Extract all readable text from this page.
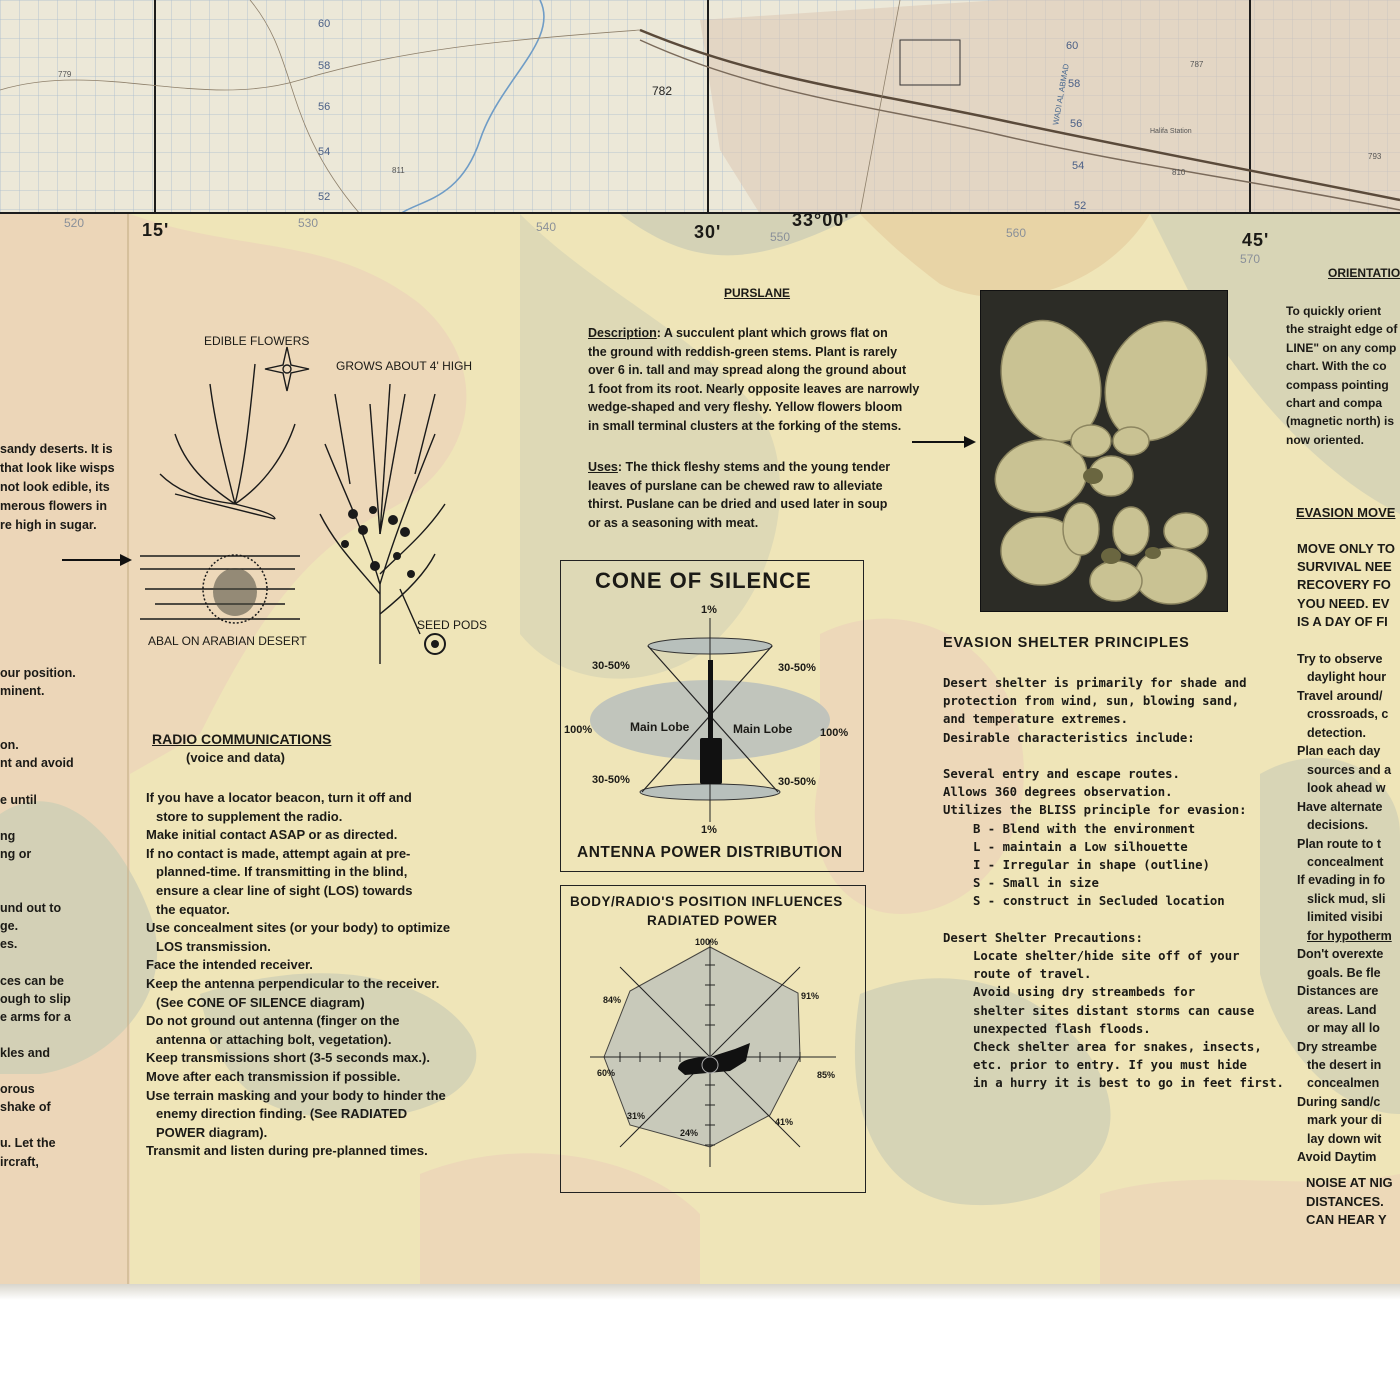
782
779
811
787
810
793
60
58
56
54
52
60
58
56
54
52
Halifa Station
WADI AL ABMAD
520	530	540
550	560
570
15'	30'
33°00'
45'
sandy deserts. It is
that look like wisps
not look edible, its
merous flowers in
re high in sugar.
our position.
minent.

on.
nt and avoid

e until

ng
ng or

und out to
ge.
es.

ces can be
ough to slip
e arms for a

kles and

orous
shake of

u. Let the
ircraft,
EDIBLE FLOWERS
GROWS ABOUT 4' HIGH
ABAL ON ARABIAN DESERT
SEED PODS
RADIO COMMUNICATIONS
(voice and data)
If you have a locator beacon, turn it off and
store to supplement the radio.
Make initial contact ASAP or as directed.
If no contact is made, attempt again at pre-
planned-time. If transmitting in the blind,
ensure a clear line of sight (LOS) towards
the equator.
Use concealment sites (or your body) to optimize
LOS transmission.
Face the intended receiver.
Keep the antenna perpendicular to the receiver.
(See CONE OF SILENCE diagram)
Do not ground out antenna (finger on the
antenna or attaching bolt, vegetation).
Keep transmissions short (3-5 seconds max.).
Move after each transmission if possible.
Use terrain masking and your body to hinder the
enemy direction finding. (See RADIATED
POWER diagram).
Transmit and listen during pre-planned times.
PURSLANE
Description: A succulent plant which grows flat on
the ground with reddish-green stems. Plant is rarely
over 6 in. tall and may spread along the ground about
1 foot from its root. Nearly opposite leaves are narrowly
wedge-shaped and very fleshy. Yellow flowers bloom
in small terminal clusters at the forking of the stems.
Uses: The thick fleshy stems and the young tender
leaves of purslane can be chewed raw to alleviate
thirst. Puslane can be dried and used later in soup
or as a seasoning with meat.
CONE OF SILENCE
1%
30-50%	30-50%
100%	100%
Main Lobe	Main Lobe
30-50%	30-50%
1%
ANTENNA POWER DISTRIBUTION
BODY/RADIO'S POSITION INFLUENCES
RADIATED POWER
100%
91%
85%
41%
24%
31%
60%
84%
EVASION SHELTER PRINCIPLES
Desert shelter is primarily for shade and
protection from wind, sun, blowing sand,
and temperature extremes.
Desirable characteristics include:

Several entry and escape routes.
Allows 360 degrees observation.
Utilizes the BLISS principle for evasion:
B - Blend with the environment
L - maintain a Low silhouette
I - Irregular in shape (outline)
S - Small in size
S - construct in Secluded location

Desert Shelter Precautions:
Locate shelter/hide site off of your
route of travel.
Avoid using dry streambeds for
shelter sites distant storms can cause
unexpected flash floods.
Check shelter area for snakes, insects,
etc. prior to entry. If you must hide
in a hurry it is best to go in feet first.
ORIENTATIO
To quickly orient
the straight edge of
LINE" on any comp
chart. With the co
compass pointing
chart and compa
(magnetic north) is
now oriented.
EVASION MOVE
MOVE ONLY TO
SURVIVAL NEE
RECOVERY FO
YOU NEED. EV
IS A DAY OF FI
Try to observe
daylight hour
Travel around/
crossroads, c
detection.
Plan each day
sources and a
look ahead w
Have alternate
decisions.
Plan route to t
concealment
If evading in fo
slick mud, sli
limited visibi
for hypotherm
Don't overexte
goals. Be fle
Distances are
areas. Land
or may all lo
Dry streambe
the desert in
concealmen
During sand/c
mark your di
lay down wit
Avoid Daytim
NOISE AT NIG
DISTANCES.
CAN HEAR Y
